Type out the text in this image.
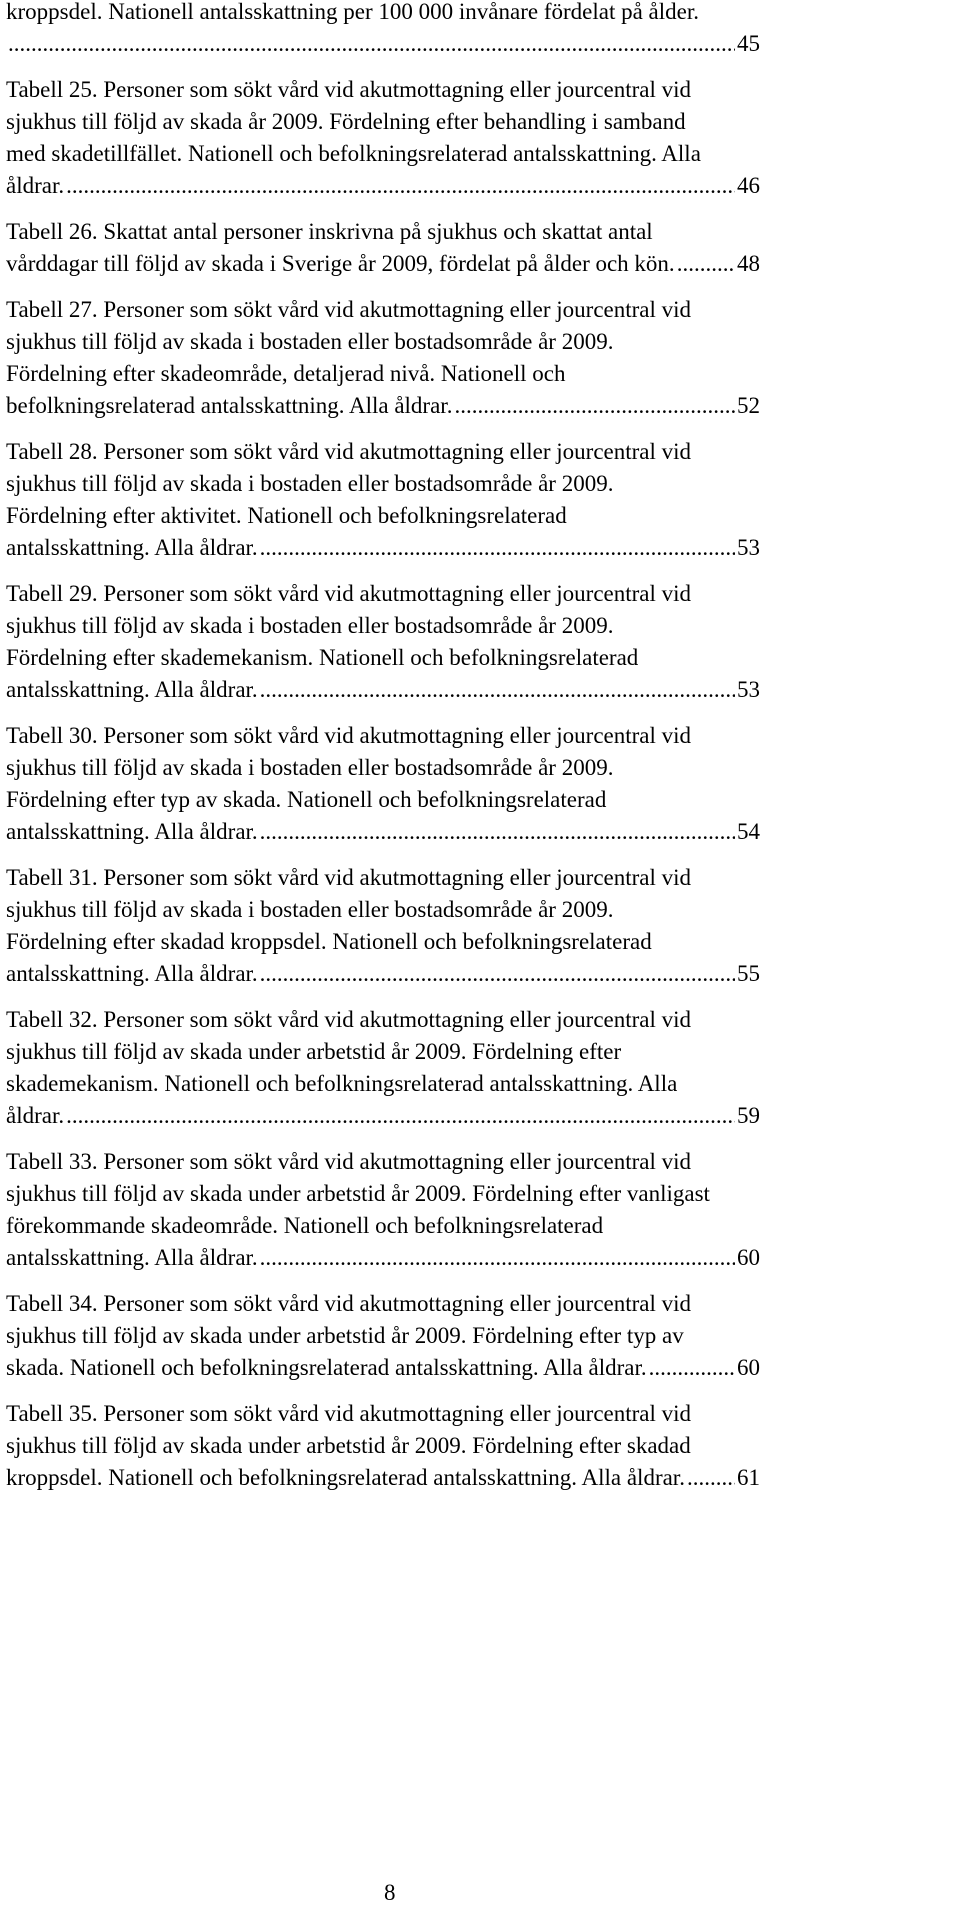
kroppsdel. Nationell antalsskattning per 100 000 invånare fördelat på ålder.
.....
45
Tabell 25. Personer som sökt vård vid akutmottagning eller jourcentral vid
sjukhus till följd av skada år 2009. Fördelning efter behandling i samband
med skadetillfället. Nationell och befolkningsrelaterad antalsskattning. Alla
åldrar. .....	46
Tabell 26. Skattat antal personer inskrivna på sjukhus och skattat antal
vårddagar till följd av skada i Sverige år 2009, fördelat på ålder och kön. .....	48
Tabell 27. Personer som sökt vård vid akutmottagning eller jourcentral vid
sjukhus till följd av skada i bostaden eller bostadsområde år 2009.
Fördelning efter skadeområde, detaljerad nivå. Nationell och
befolkningsrelaterad antalsskattning. Alla åldrar. .....	52
Tabell 28. Personer som sökt vård vid akutmottagning eller jourcentral vid
sjukhus till följd av skada i bostaden eller bostadsområde år 2009.
Fördelning efter aktivitet. Nationell och befolkningsrelaterad
antalsskattning. Alla åldrar. .....	53
Tabell 29. Personer som sökt vård vid akutmottagning eller jourcentral vid
sjukhus till följd av skada i bostaden eller bostadsområde år 2009.
Fördelning efter skademekanism. Nationell och befolkningsrelaterad
antalsskattning. Alla åldrar. .....	53
Tabell 30. Personer som sökt vård vid akutmottagning eller jourcentral vid
sjukhus till följd av skada i bostaden eller bostadsområde år 2009.
Fördelning efter typ av skada. Nationell och befolkningsrelaterad
antalsskattning. Alla åldrar. .....	54
Tabell 31. Personer som sökt vård vid akutmottagning eller jourcentral vid
sjukhus till följd av skada i bostaden eller bostadsområde år 2009.
Fördelning efter skadad kroppsdel. Nationell och befolkningsrelaterad
antalsskattning. Alla åldrar. .....	55
Tabell 32. Personer som sökt vård vid akutmottagning eller jourcentral vid
sjukhus till följd av skada under arbetstid år 2009. Fördelning efter
skademekanism. Nationell och befolkningsrelaterad antalsskattning. Alla
åldrar. .....	59
Tabell 33. Personer som sökt vård vid akutmottagning eller jourcentral vid
sjukhus till följd av skada under arbetstid år 2009. Fördelning efter vanligast
förekommande skadeområde. Nationell och befolkningsrelaterad
antalsskattning. Alla åldrar. .....	60
Tabell 34. Personer som sökt vård vid akutmottagning eller jourcentral vid
sjukhus till följd av skada under arbetstid år 2009. Fördelning efter typ av
skada. Nationell och befolkningsrelaterad antalsskattning. Alla åldrar. .....	60
Tabell 35. Personer som sökt vård vid akutmottagning eller jourcentral vid
sjukhus till följd av skada under arbetstid år 2009. Fördelning efter skadad
kroppsdel. Nationell och befolkningsrelaterad antalsskattning. Alla åldrar. ..... 61
8
